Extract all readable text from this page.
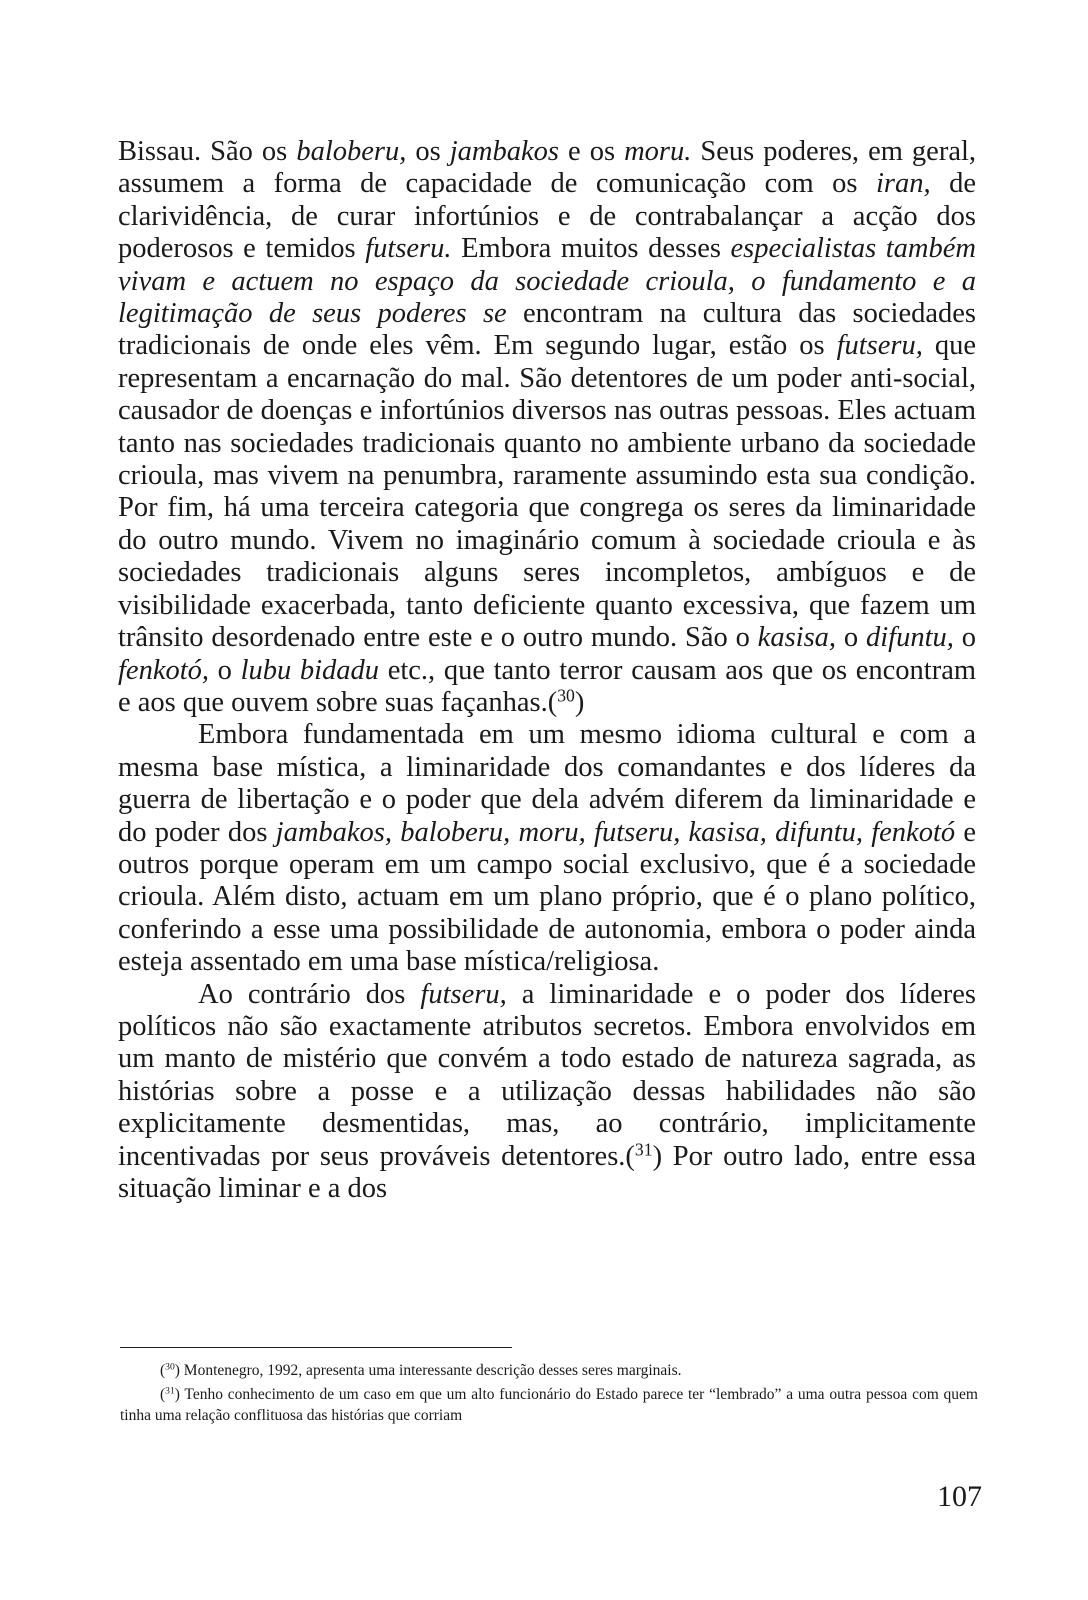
Bissau. São os baloberu, os jambakos e os moru. Seus poderes, em geral, assumem a forma de capacidade de comunicação com os iran, de clarividência, de curar infortúnios e de contrabalançar a acção dos poderosos e temidos futseru. Embora muitos desses especialistas também vivam e actuem no espaço da sociedade crioula, o fundamento e a legitimação de seus poderes se encontram na cultura das sociedades tradicionais de onde eles vêm. Em segundo lugar, estão os futseru, que representam a encarnação do mal. São detentores de um poder anti-social, causador de doenças e infortúnios diversos nas outras pessoas. Eles actuam tanto nas sociedades tradicionais quanto no ambiente urbano da sociedade crioula, mas vivem na penumbra, raramente assumindo esta sua condição. Por fim, há uma terceira categoria que congrega os seres da liminaridade do outro mundo. Vivem no imaginário comum à sociedade crioula e às sociedades tradicionais alguns seres incompletos, ambíguos e de visibilidade exacerbada, tanto deficiente quanto excessiva, que fazem um trânsito desordenado entre este e o outro mundo. São o kasisa, o difuntu, o fenkotó, o lubu bidadu etc., que tanto terror causam aos que os encontram e aos que ouvem sobre suas façanhas.($^{30}$)

Embora fundamentada em um mesmo idioma cultural e com a mesma base mística, a liminaridade dos comandantes e dos líderes da guerra de libertação e o poder que dela advém diferem da liminaridade e do poder dos jambakos, baloberu, moru, futseru, kasisa, difuntu, fenkotó e outros porque operam em um campo social exclusivo, que é a sociedade crioula. Além disto, actuam em um plano próprio, que é o plano político, conferindo a esse uma possibilidade de autonomia, embora o poder ainda esteja assentado em uma base mística/religiosa.

Ao contrário dos futseru, a liminaridade e o poder dos líderes políticos não são exactamente atributos secretos. Embora envolvidos em um manto de mistério que convém a todo estado de natureza sagrada, as histórias sobre a posse e a utilização dessas habilidades não são explicitamente desmentidas, mas, ao contrário, implicitamente incentivadas por seus prováveis detentores.($^{31}$) Por outro lado, entre essa situação liminar e a dos

($^{30}$) Montenegro, 1992, apresenta uma interessante descrição desses seres marginais.

($^{31}$) Tenho conhecimento de um caso em que um alto funcionário do Estado parece ter “lembrado” a uma outra pessoa com quem tinha uma relação conflituosa das histórias que corriam

107
